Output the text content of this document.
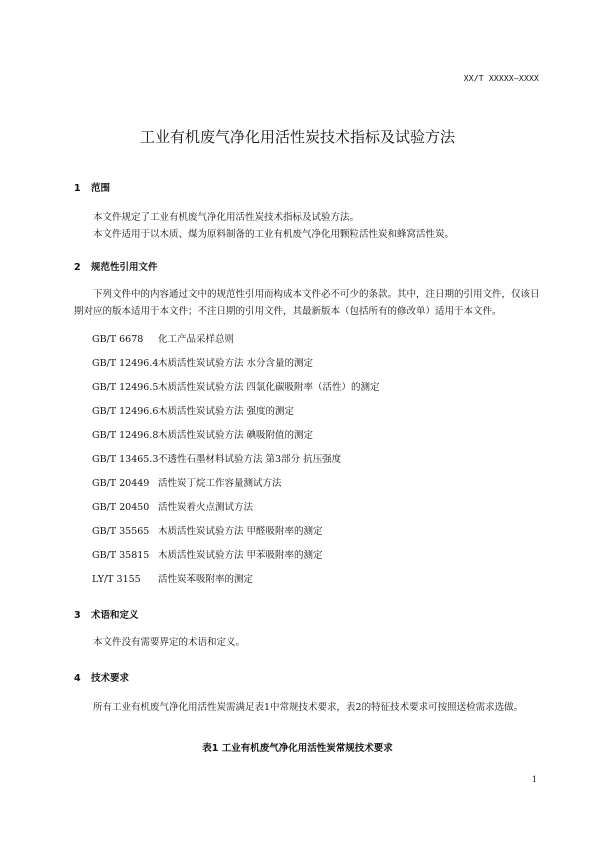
XX/T XXXXX—XXXX
工业有机废气净化用活性炭技术指标及试验方法
1 范围
本文件规定了工业有机废气净化用活性炭技术指标及试验方法。
本文件适用于以木质、煤为原料制备的工业有机废气净化用颗粒活性炭和蜂窝活性炭。
2 规范性引用文件
下列文件中的内容通过文中的规范性引用而构成本文件必不可少的条款。其中，注日期的引用文件，仅该日期对应的版本适用于本文件；不注日期的引用文件，其最新版本（包括所有的修改单）适用于本文件。
GB/T 6678 化工产品采样总则
GB/T 12496.4木质活性炭试验方法 水分含量的测定
GB/T 12496.5木质活性炭试验方法 四氯化碳吸附率（活性）的测定
GB/T 12496.6木质活性炭试验方法 强度的测定
GB/T 12496.8木质活性炭试验方法 碘吸附值的测定
GB/T 13465.3不透性石墨材料试验方法 第3部分 抗压强度
GB/T 20449 活性炭丁烷工作容量测试方法
GB/T 20450 活性炭着火点测试方法
GB/T 35565 木质活性炭试验方法 甲醛吸附率的测定
GB/T 35815 木质活性炭试验方法 甲苯吸附率的测定
LY/T 3155 活性炭苯吸附率的测定
3 术语和定义
本文件没有需要界定的术语和定义。
4 技术要求
所有工业有机废气净化用活性炭需满足表1中常规技术要求，表2的特征技术要求可按照送检需求选做。
表1 工业有机废气净化用活性炭常规技术要求
1
